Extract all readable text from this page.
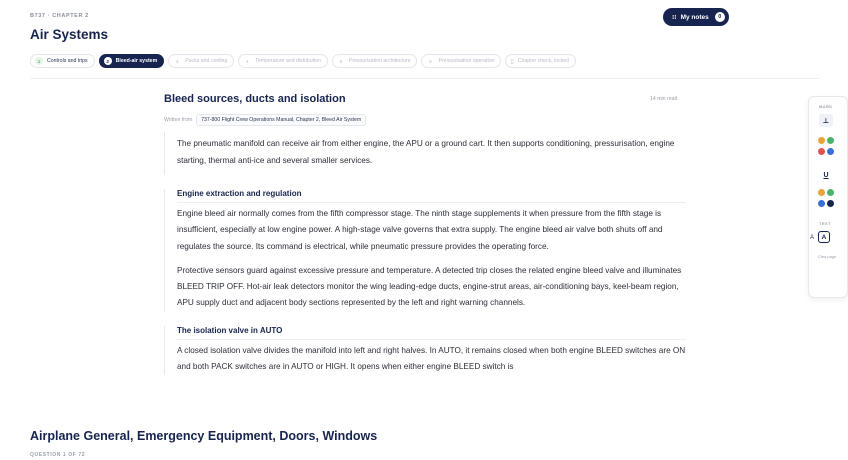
B737 · CHAPTER 2
Air Systems
⁝⁝ My notes	0
1	Controls and trips	2	Bleed-air system	3	Packs and cooling	4	Temperature and distribution	5	Pressurization architecture	6	Pressurisation operation	▯ Chapter check, locked
Bleed sources, ducts and isolation	14 min read
Written from	737-800 Flight Crew Operations Manual, Chapter 2, Bleed Air System

The pneumatic manifold can receive air from either engine, the APU or a ground cart. It then supports conditioning, pressurisation, engine starting, thermal anti-ice and several smaller services.

Engine extraction and regulation

Engine bleed air normally comes from the fifth compressor stage. The ninth stage supplements it when pressure from the fifth stage is insufficient, especially at low engine power. A high-stage valve governs that extra supply. The engine bleed air valve both shuts off and regulates the source. Its command is electrical, while pneumatic pressure provides the operating force.

Protective sensors guard against excessive pressure and temperature. A detected trip closes the related engine bleed valve and illuminates BLEED TRIP OFF. Hot-air leak detectors monitor the wing leading-edge ducts, engine-strut areas, air-conditioning bays, keel-beam region, APU supply duct and adjacent body sections represented by the left and right warning channels.

The isolation valve in AUTO

A closed isolation valve divides the manifold into left and right halves. In AUTO, it remains closed when both engine BLEED switches are ON and both PACK switches are in AUTO or HIGH. It opens when either engine BLEED switch is

Airplane General, Emergency Equipment, Doors, Windows
QUESTION 1 OF 72
MARK
⊥
U
TEXT
A	A
Clea page
